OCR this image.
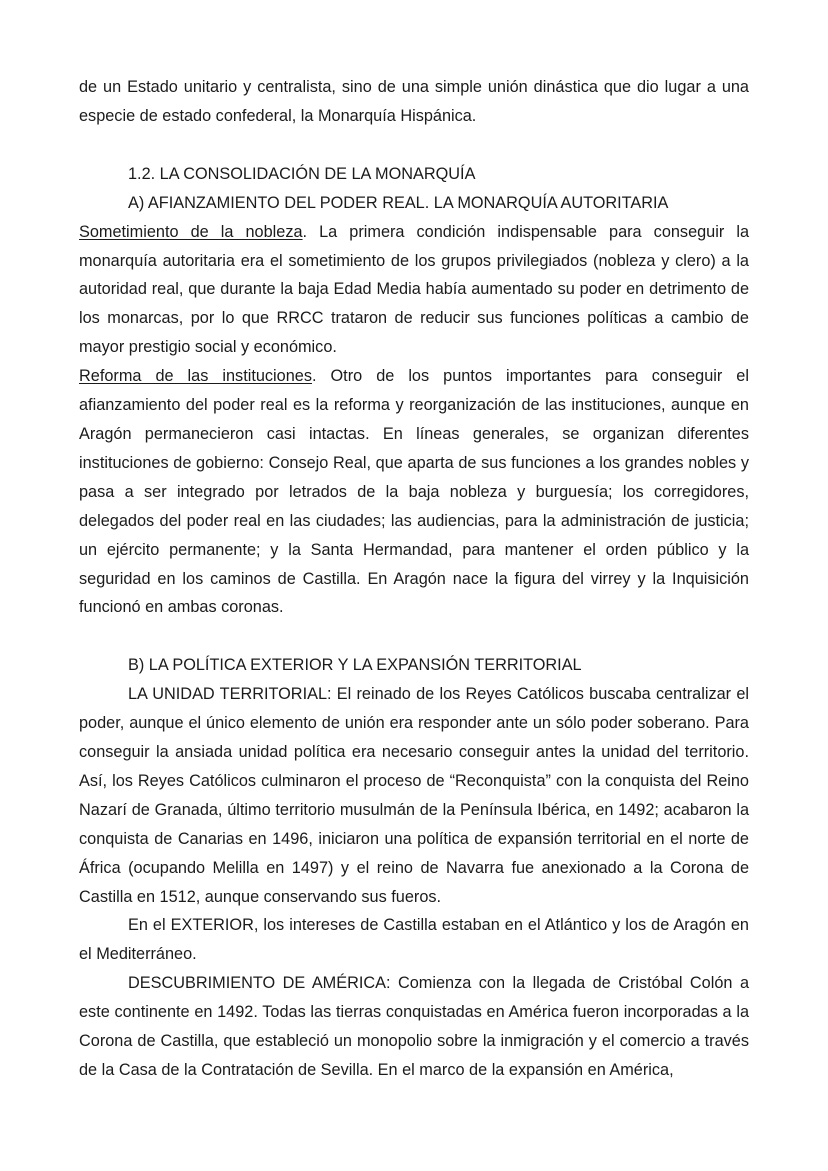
de un Estado unitario y centralista, sino de una simple unión dinástica que dio lugar a una especie de estado confederal, la Monarquía Hispánica.

1.2. LA CONSOLIDACIÓN DE LA MONARQUÍA

A) AFIANZAMIENTO DEL PODER REAL. LA MONARQUÍA AUTORITARIA

Sometimiento de la nobleza. La primera condición indispensable para conseguir la monarquía autoritaria era el sometimiento de los grupos privilegiados (nobleza y clero) a la autoridad real, que durante la baja Edad Media había aumentado su poder en detrimento de los monarcas, por lo que RRCC trataron de reducir sus funciones políticas a cambio de mayor prestigio social y económico.

Reforma de las instituciones. Otro de los puntos importantes para conseguir el afianzamiento del poder real es la reforma y reorganización de las instituciones, aunque en Aragón permanecieron casi intactas. En líneas generales, se organizan diferentes instituciones de gobierno: Consejo Real, que aparta de sus funciones a los grandes nobles y pasa a ser integrado por letrados de la baja nobleza y burguesía; los corregidores, delegados del poder real en las ciudades; las audiencias, para la administración de justicia; un ejército permanente; y la Santa Hermandad, para mantener el orden público y la seguridad en los caminos de Castilla. En Aragón nace la figura del virrey y la Inquisición funcionó en ambas coronas.

B) LA POLÍTICA EXTERIOR Y LA EXPANSIÓN TERRITORIAL

LA UNIDAD TERRITORIAL: El reinado de los Reyes Católicos buscaba centralizar el poder, aunque el único elemento de unión era responder ante un sólo poder soberano. Para conseguir la ansiada unidad política era necesario conseguir antes la unidad del territorio. Así, los Reyes Católicos culminaron el proceso de “Reconquista” con la conquista del Reino Nazarí de Granada, último territorio musulmán de la Península Ibérica, en 1492; acabaron la conquista de Canarias en 1496, iniciaron una política de expansión territorial en el norte de África (ocupando Melilla en 1497) y el reino de Navarra fue anexionado a la Corona de Castilla en 1512, aunque conservando sus fueros.

En el EXTERIOR, los intereses de Castilla estaban en el Atlántico y los de Aragón en el Mediterráneo.

DESCUBRIMIENTO DE AMÉRICA: Comienza con la llegada de Cristóbal Colón a este continente en 1492. Todas las tierras conquistadas en América fueron incorporadas a la Corona de Castilla, que estableció un monopolio sobre la inmigración y el comercio a través de la Casa de la Contratación de Sevilla. En el marco de la expansión en América,
